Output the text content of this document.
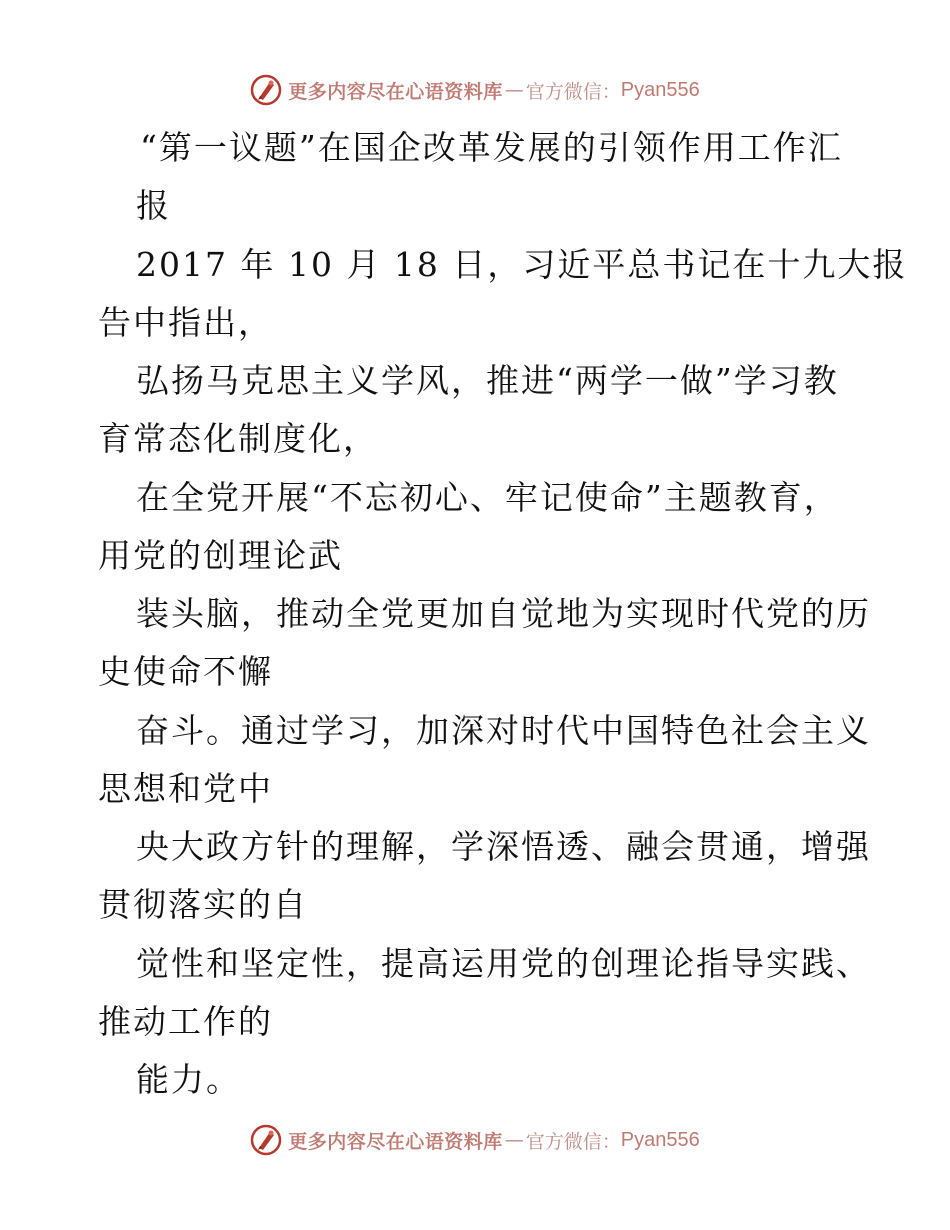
更多内容尽在心语资料库 — 官方微信： Pyan556
“第一议题”在国企改革发展的引领作用工作汇
报
2017 年 10 月 18 日，习近平总书记在十九大报
告中指出，
弘扬马克思主义学风，推进“两学一做”学习教
育常态化制度化，
在全党开展“不忘初心、牢记使命”主题教育，
用党的创理论武
装头脑，推动全党更加自觉地为实现时代党的历
史使命不懈
奋斗。通过学习，加深对时代中国特色社会主义
思想和党中
央大政方针的理解，学深悟透、融会贯通，增强
贯彻落实的自
觉性和坚定性，提高运用党的创理论指导实践、
推动工作的
能力。
更多内容尽在心语资料库 — 官方微信： Pyan556
